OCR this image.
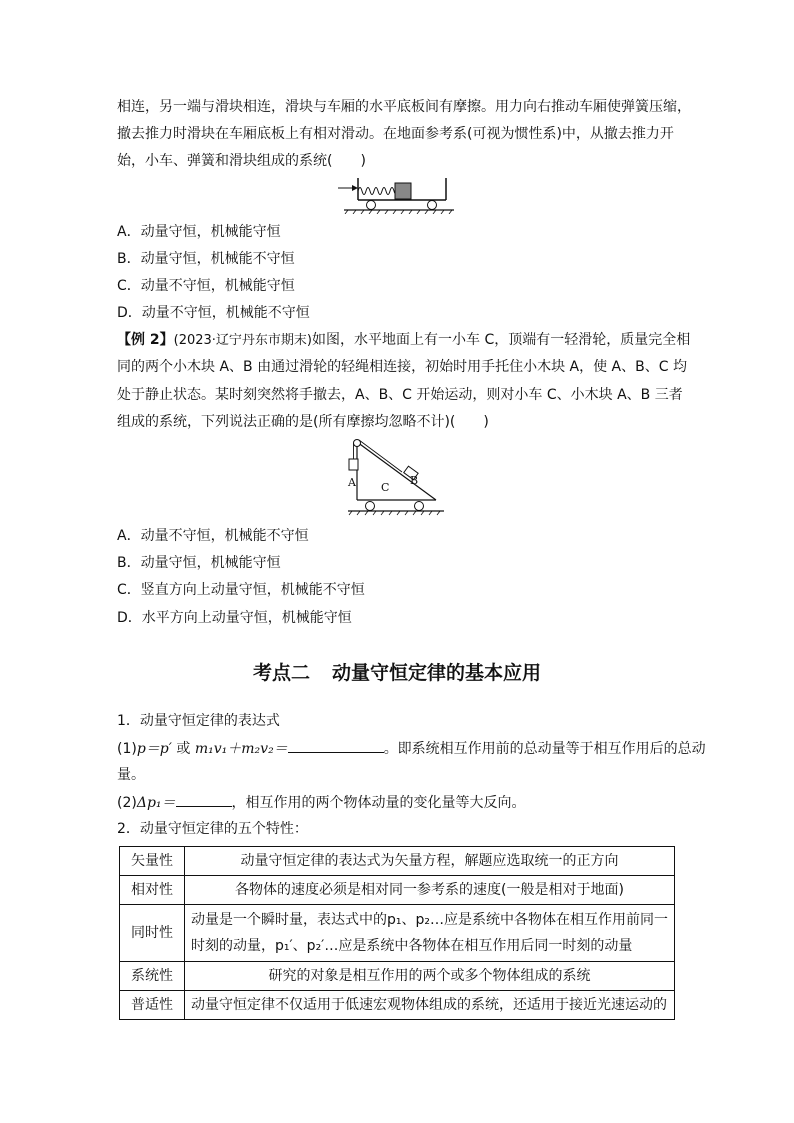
相连，另一端与滑块相连，滑块与车厢的水平底板间有摩擦。用力向右推动车厢使弹簧压缩，
撤去推力时滑块在车厢底板上有相对滑动。在地面参考系(可视为惯性系)中，从撤去推力开
始，小车、弹簧和滑块组成的系统(　　)
A．动量守恒，机械能守恒
B．动量守恒，机械能不守恒
C．动量不守恒，机械能守恒
D．动量不守恒，机械能不守恒
【例 2】(2023·辽宁丹东市期末)如图，水平地面上有一小车 C，顶端有一轻滑轮，质量完全相
同的两个小木块 A、B 由通过滑轮的轻绳相连接，初始时用手托住小木块 A，使 A、B、C 均
处于静止状态。某时刻突然将手撤去，A、B、C 开始运动，则对小车 C、小木块 A、B 三者
组成的系统，下列说法正确的是(所有摩擦均忽略不计)(　　)
A	B
C
A．动量不守恒，机械能不守恒
B．动量守恒，机械能守恒
C．竖直方向上动量守恒，机械能不守恒
D．水平方向上动量守恒，机械能守恒
考点二 动量守恒定律的基本应用
1．动量守恒定律的表达式
(1)p＝p′ 或 m₁v₁＋m₂v₂＝	。即系统相互作用前的总动量等于相互作用后的总动
量。
(2)Δp₁＝	，相互作用的两个物体动量的变化量等大反向。
2．动量守恒定律的五个特性：
矢量性	动量守恒定律的表达式为矢量方程，解题应选取统一的正方向
相对性	各物体的速度必须是相对同一参考系的速度(一般是相对于地面)
同时性	动量是一个瞬时量，表达式中的p₁、p₂…应是系统中各物体在相互作用前同一
时刻的动量，p₁′、p₂′…应是系统中各物体在相互作用后同一时刻的动量

系统性	研究的对象是相互作用的两个或多个物体组成的系统
普适性	动量守恒定律不仅适用于低速宏观物体组成的系统，还适用于接近光速运动的
